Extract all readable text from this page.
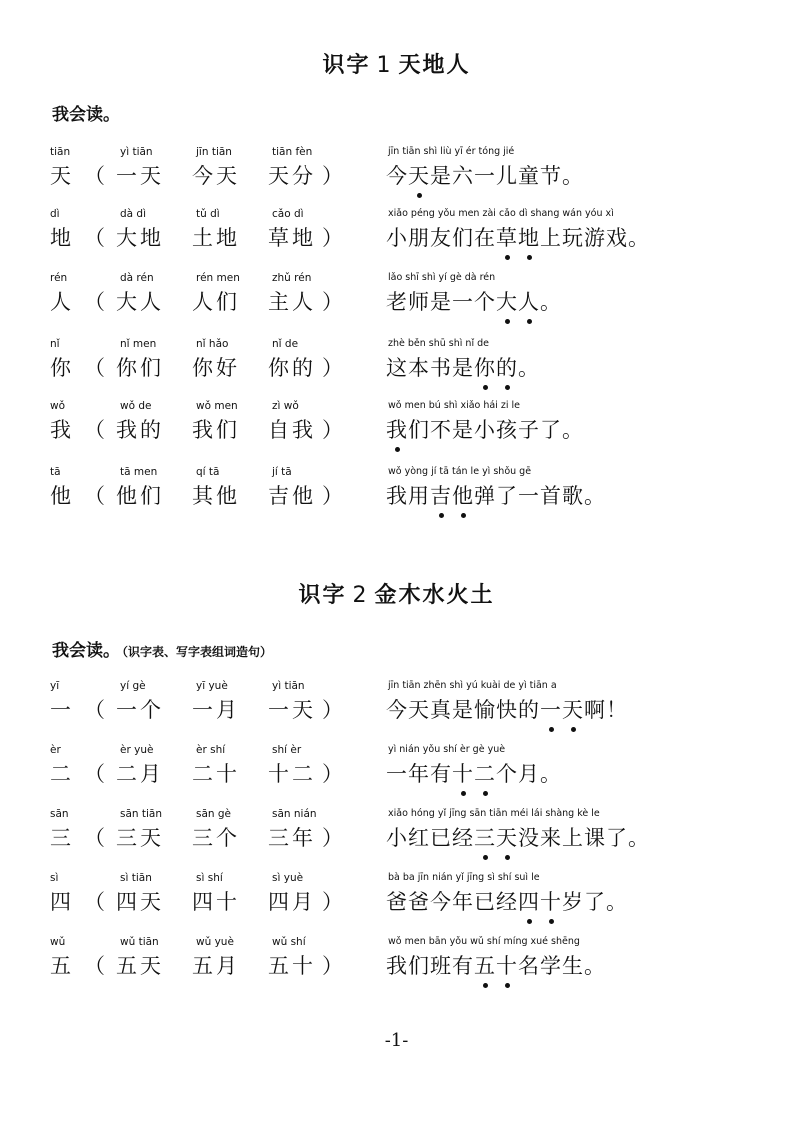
识字 1 天地人
我会读。
tiān
天 （
yì tiān
一天
jīn tiān
今天
tiān fèn
天分 ）
jīn tiān shì liù yī ér tóng jié
今天是六一儿童节。
dì
地 （
dà dì
大地
tǔ dì
土地
cǎo dì
草地 ）
xiǎo péng yǒu men zài cǎo dì shang wán yóu xì
小朋友们在草地上玩游戏。
rén
人 （
dà rén
大人
rén men
人们
zhǔ rén
主人 ）
lǎo shī shì yí gè dà rén
老师是一个大人。
nǐ
你 （
nǐ men
你们
nǐ hǎo
你好
nǐ de
你的 ）
zhè běn shū shì nǐ de
这本书是你的。
wǒ
我 （
wǒ de
我的
wǒ men
我们
zì wǒ
自我 ）
wǒ men bú shì xiǎo hái zi le
我们不是小孩子了。
tā
他 （
tā men
他们
qí tā
其他
jí tā
吉他 ）
wǒ yòng jí tā tán le yì shǒu gē
我用吉他弹了一首歌。
识字 2 金木水火土
我会读。 （识字表、写字表组词造句）
yī
一 （
yí gè
一个
yī yuè
一月
yì tiān
一天 ）
jīn tiān zhēn shì yú kuài de yì tiān a
今天真是愉快的一天啊！
èr
二 （
èr yuè
二月
èr shí
二十
shí èr
十二 ）
yì nián yǒu shí èr gè yuè
一年有十二个月。
sān
三 （
sān tiān
三天
sān gè
三个
sān nián
三年 ）
xiǎo hóng yǐ jīng sān tiān méi lái shàng kè le
小红已经三天没来上课了。
sì
四 （
sì tiān
四天
sì shí
四十
sì yuè
四月 ）
bà ba jīn nián yǐ jīng sì shí suì le
爸爸今年已经四十岁了。
wǔ
五 （
wǔ tiān
五天
wǔ yuè
五月
wǔ shí
五十 ）
wǒ men bān yǒu wǔ shí míng xué shēng
我们班有五十名学生。
-1-
